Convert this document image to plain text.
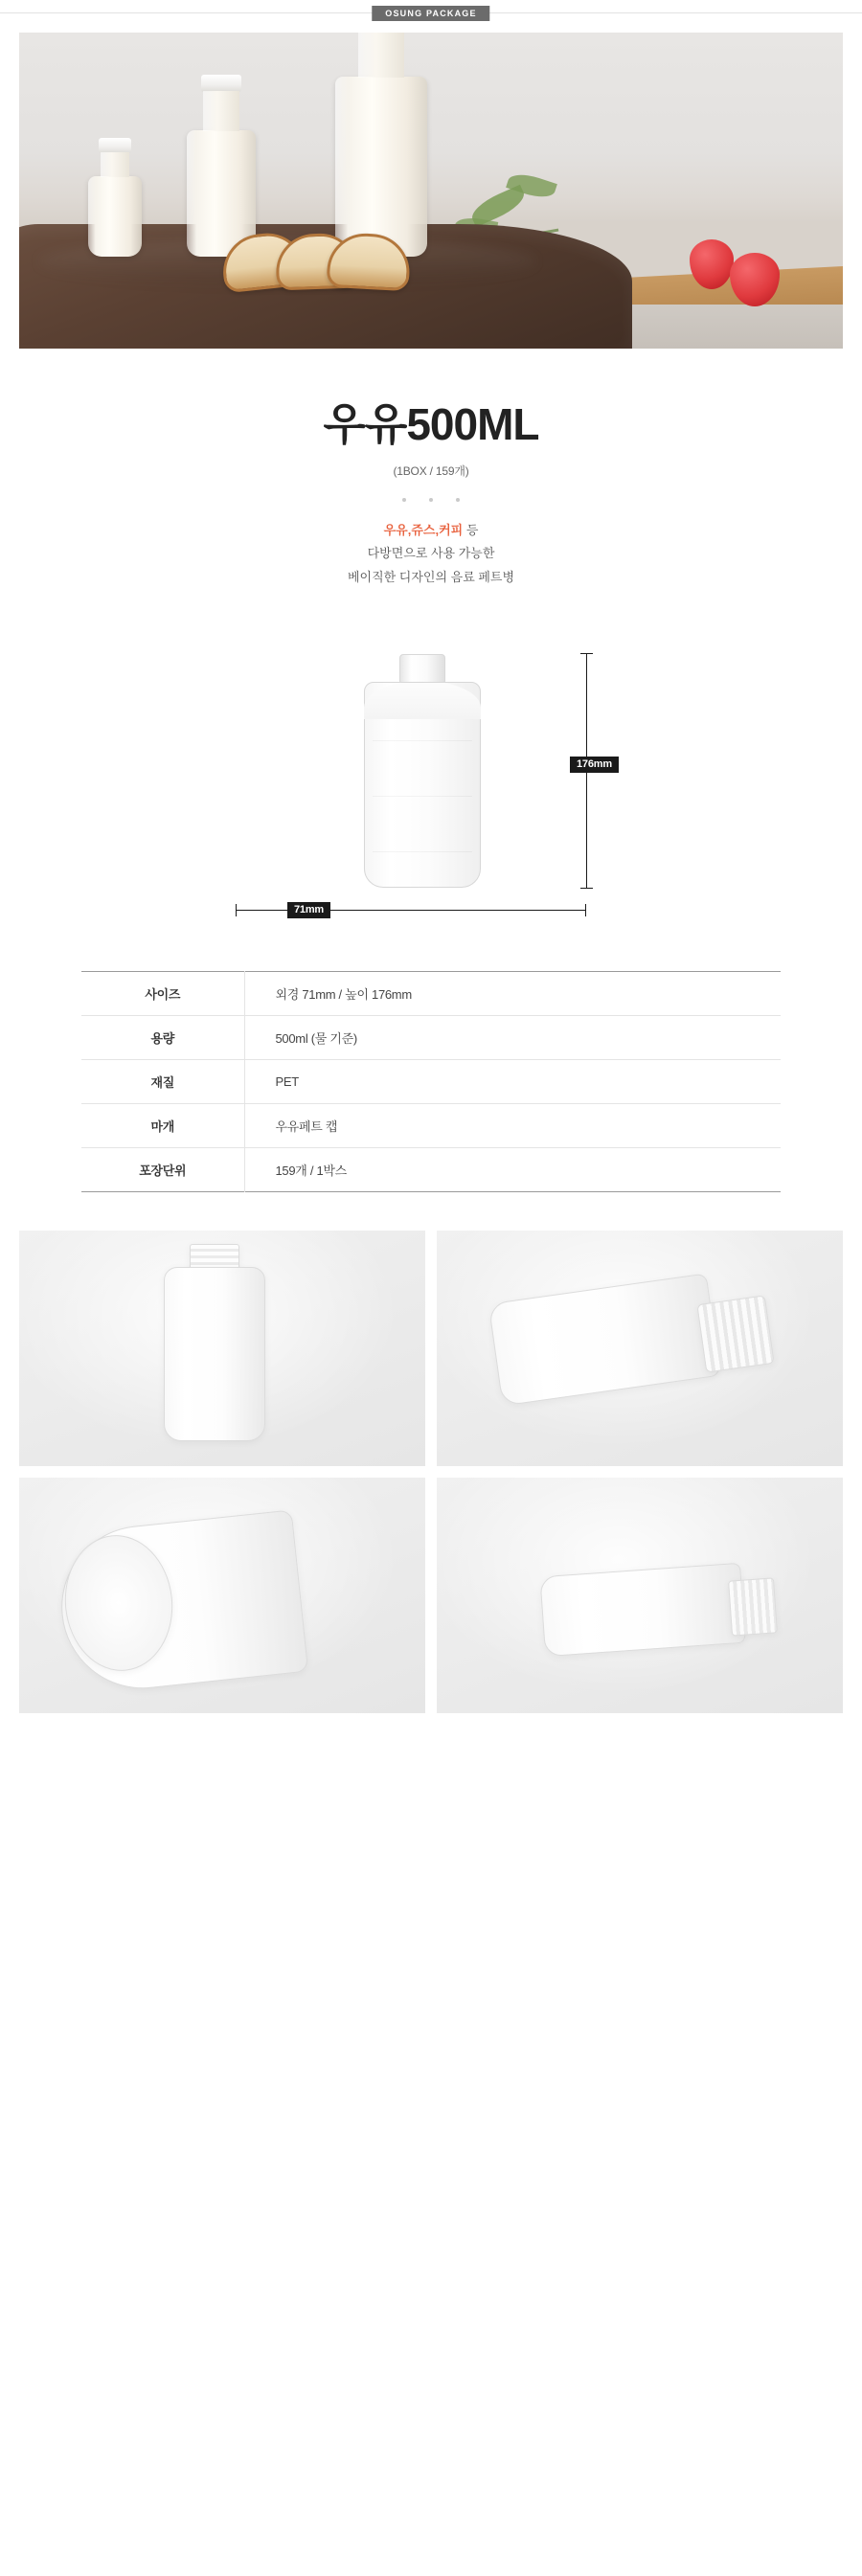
OSUNG PACKAGE
우유500ML
(1BOX / 159개)
우유,쥬스,커피 등
다방면으로 사용 가능한
베이직한 디자인의 음료 페트병
176mm
71mm
사이즈	외경 71mm / 높이 176mm
용량	500ml (물 기준)
재질	PET
마개	우유페트 캡
포장단위	159개 / 1박스
